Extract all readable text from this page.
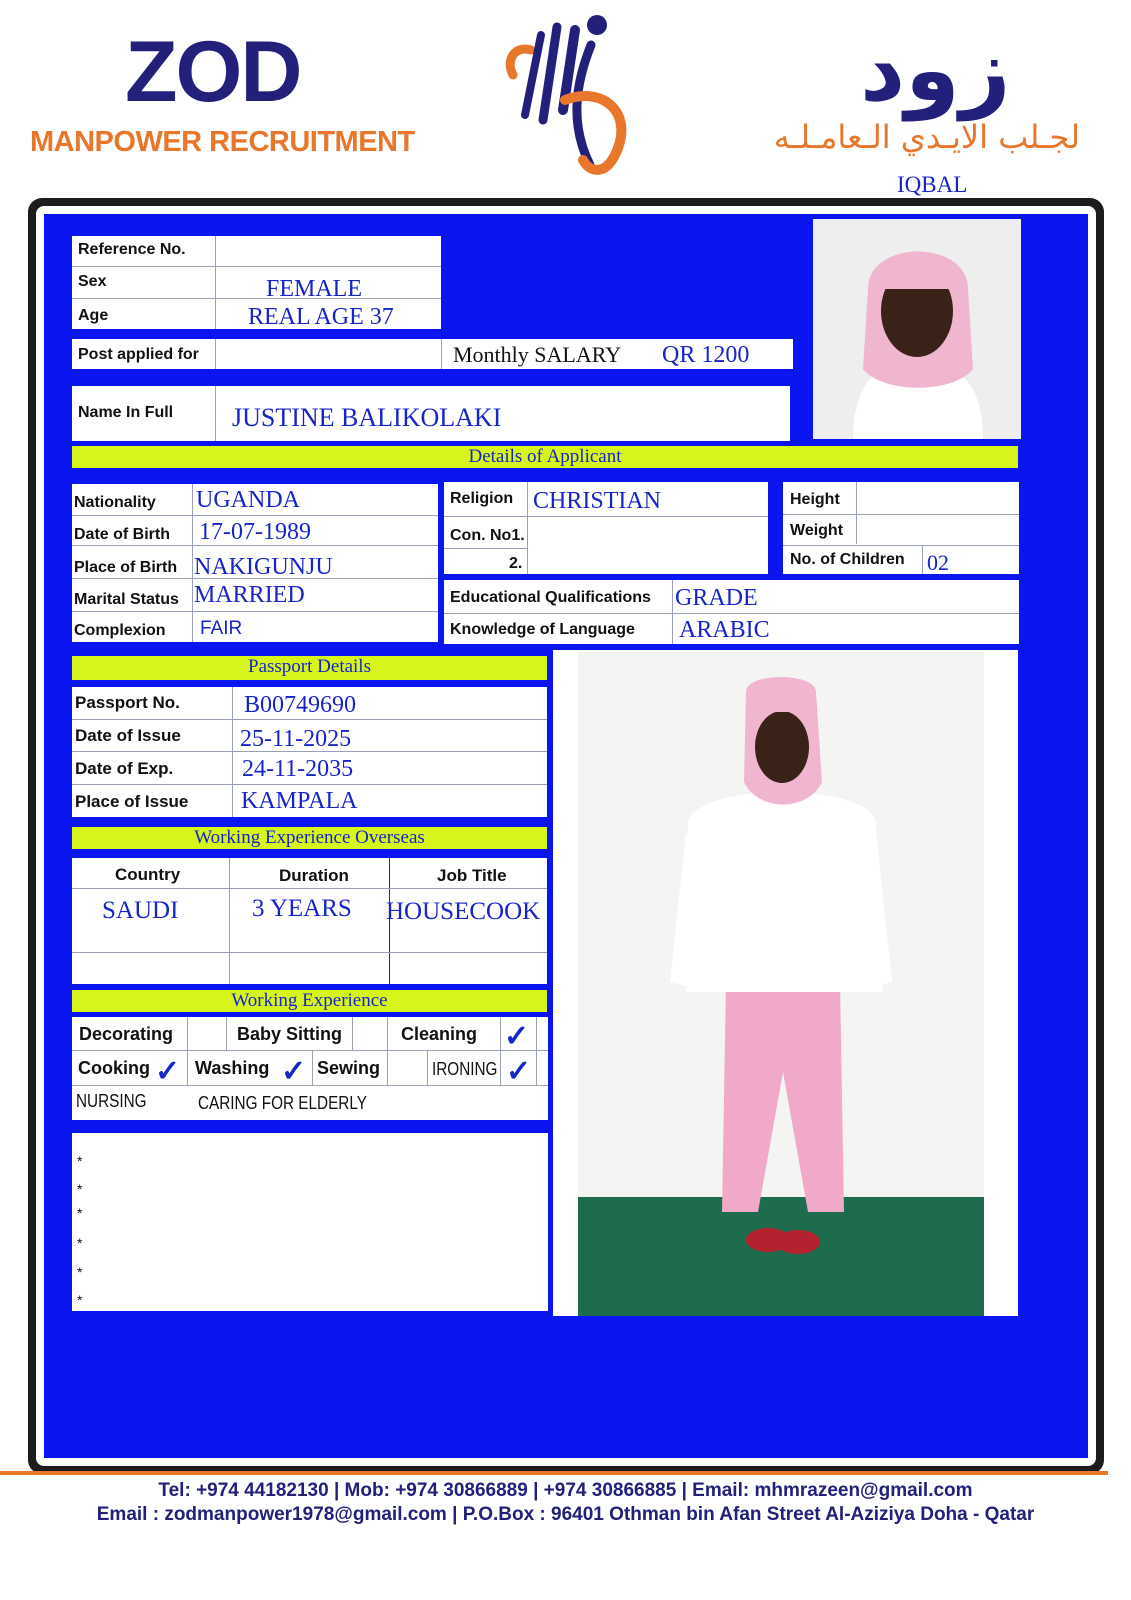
ZOD
MANPOWER RECRUITMENT
زود
لجـلب الايـدي الـعامـلـه
IQBAL
Reference No.
Sex	FEMALE
Age	REAL AGE 37
Post applied for	Monthly SALARY QR 1200
Name In Full JUSTINE BALIKOLAKI
Details of Applicant
Nationality UGANDA
Date of Birth 17-07-1989
Place of Birth NAKIGUNJU
Marital Status MARRIED
Complexion FAIR
Religion CHRISTIAN
Con. No1.
2.
Height
Weight
No. of Children 02
Educational Qualifications GRADE
Knowledge of Language ARABIC
Passport Details
Passport No.	B00749690
Date of Issue 25-11-2025
Date of Exp.	24-11-2035
Place of Issue KAMPALA
Working Experience Overseas
Country	Duration	Job Title
SAUDI	3 YEARS HOUSECOOK
Working Experience
Decorating	Baby Sitting	Cleaning ✓
Cooking ✓ Washing ✓ Sewing	IRONING ✓
NURSING	CARING FOR ELDERLY
*
*
*
*
*
*
Tel: +974 44182130 | Mob: +974 30866889 | +974 30866885 | Email: mhmrazeen@gmail.com
Email : zodmanpower1978@gmail.com | P.O.Box : 96401 Othman bin Afan Street Al-Aziziya Doha - Qatar
